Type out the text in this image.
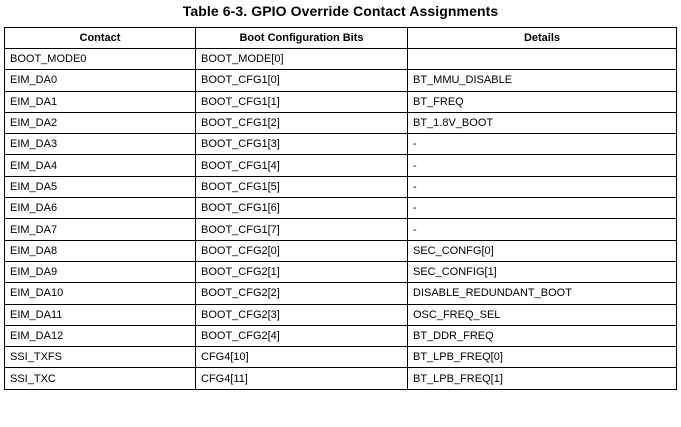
Table 6-3. GPIO Override Contact Assignments
Contact	Boot Configuration Bits	Details
BOOT_MODE0	BOOT_MODE[0]	
EIM_DA0	BOOT_CFG1[0]	BT_MMU_DISABLE
EIM_DA1	BOOT_CFG1[1]	BT_FREQ
EIM_DA2	BOOT_CFG1[2]	BT_1.8V_BOOT
EIM_DA3	BOOT_CFG1[3]	-
EIM_DA4	BOOT_CFG1[4]	-
EIM_DA5	BOOT_CFG1[5]	-
EIM_DA6	BOOT_CFG1[6]	-
EIM_DA7	BOOT_CFG1[7]	-
EIM_DA8	BOOT_CFG2[0]	SEC_CONFG[0]
EIM_DA9	BOOT_CFG2[1]	SEC_CONFIG[1]
EIM_DA10	BOOT_CFG2[2]	DISABLE_REDUNDANT_BOOT
EIM_DA11	BOOT_CFG2[3]	OSC_FREQ_SEL
EIM_DA12	BOOT_CFG2[4]	BT_DDR_FREQ
SSI_TXFS	CFG4[10]	BT_LPB_FREQ[0]
SSI_TXC	CFG4[11]	BT_LPB_FREQ[1]
